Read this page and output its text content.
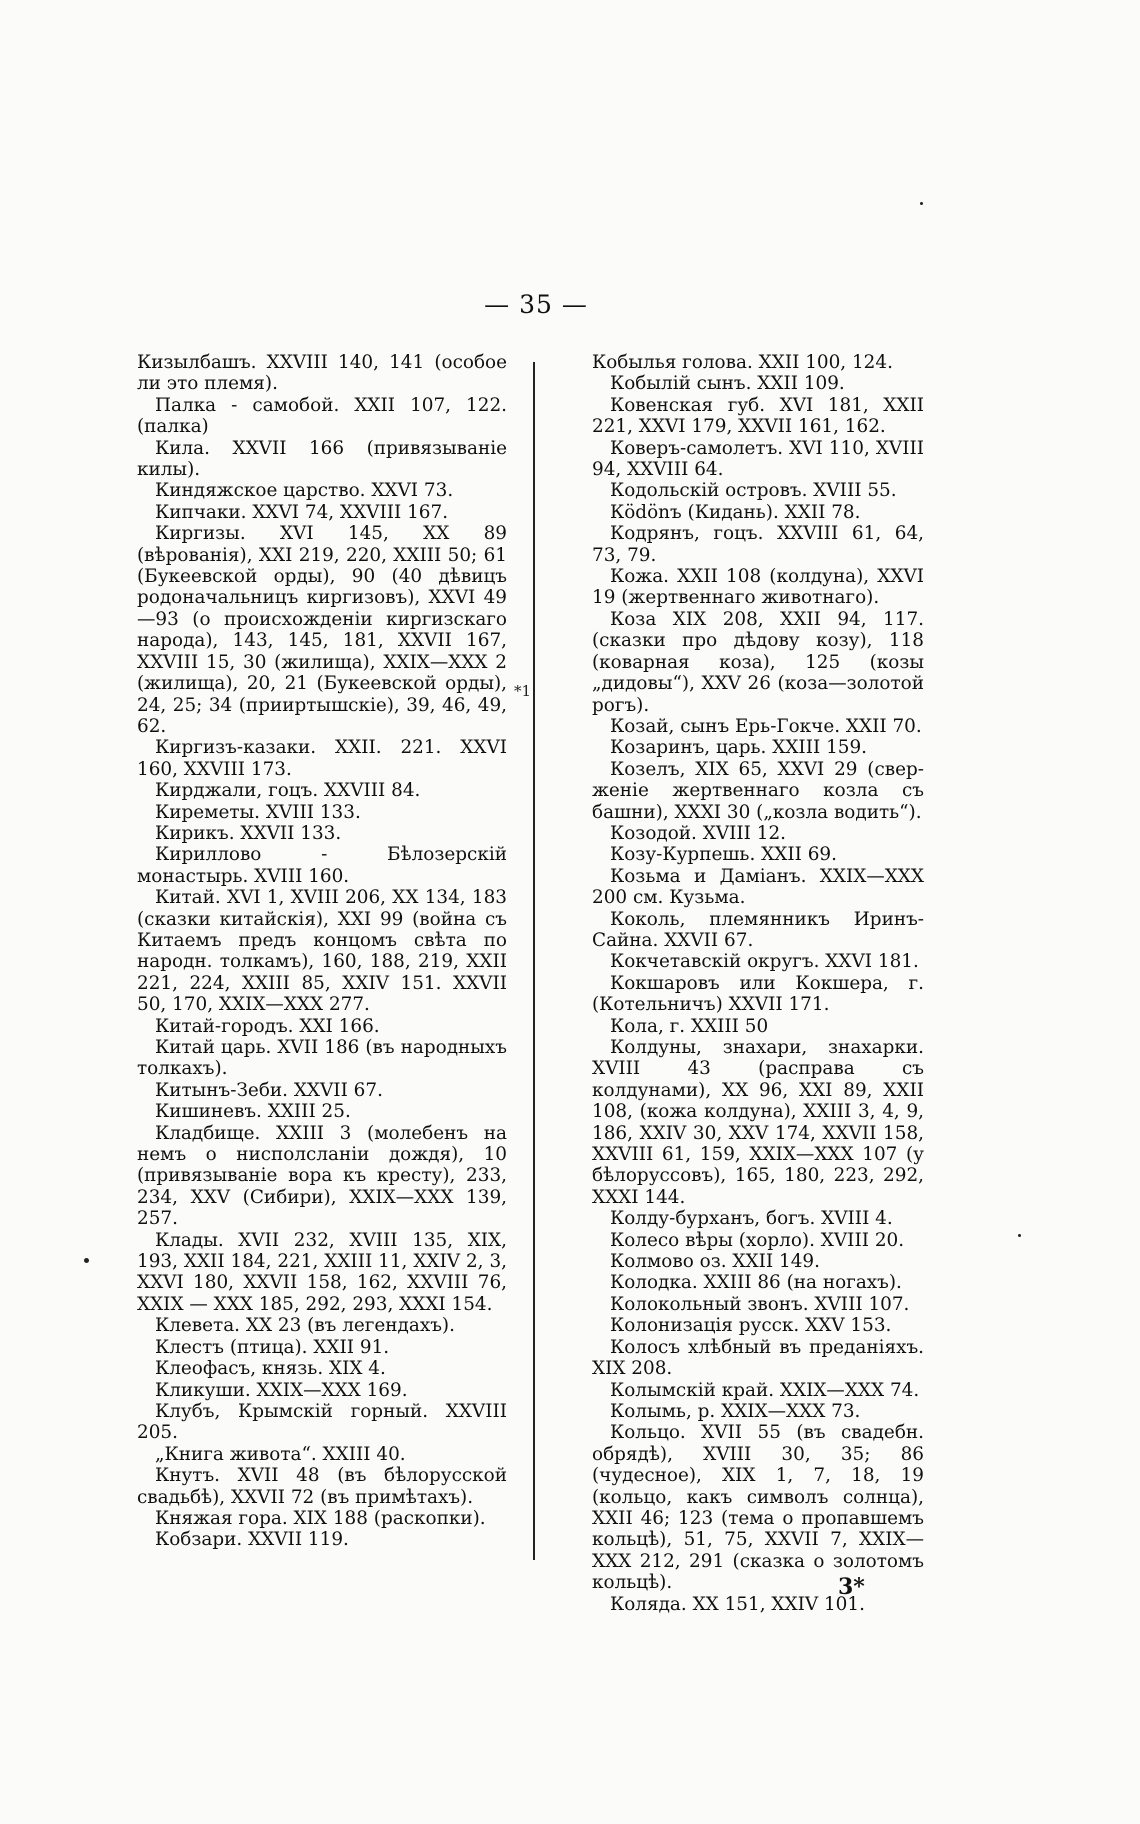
— 35 —

Кизылбашъ. XXVIII 140, 141 (особое ли это племя).

Палка - самобой. XXII 107, 122. (палка)

Кила. XXVII 166 (привязываніе килы).

Киндяжское царство. XXVI 73.

Кипчаки. XXVI 74, XXVIII 167.

Киргизы. XVI 145, XX 89 (вѣрованія), XXI 219, 220, XXIII 50; 61 (Букеевской орды), 90 (40 дѣвицъ родоначальницъ киргизовъ), XXVI 49—93 (о происхожденіи киргизскаго народа), 143, 145, 181, XXVII 167, XXVIII 15, 30 (жилища), XXIX—XXX 2 (жилища), 20, 21 (Букеевской орды), 24, 25; 34 (прииртышскіе), 39, 46, 49, 62.

Киргизъ-казаки. XXII. 221. XXVI 160, XXVIII 173.

Кирджали, гоцъ. XXVIII 84.

Киреметы. XVIII 133.

Кирикъ. XXVII 133.

Кириллово - Бѣлозерскій монастырь. XVIII 160.

Китай. XVI 1, XVIII 206, XX 134, 183 (сказки китайскія), XXI 99 (война съ Китаемъ предъ концомъ свѣта по народн. толкамъ), 160, 188, 219, XXII 221, 224, XXIII 85, XXIV 151. XXVII 50, 170, XXIX—XXX 277.

Китай-городъ. XXI 166.

Китай царь. XVII 186 (въ народныхъ толкахъ).

Китынъ-Зеби. XXVII 67.

Кишиневъ. XXIII 25.

Кладбище. XXIII 3 (молебенъ на немъ о нисполсланіи дождя), 10 (привязываніе вора къ кресту), 233, 234, XXV (Сибири), XXIX—XXX 139, 257.

Клады. XVII 232, XVIII 135, XIX, 193, XXII 184, 221, XXIII 11, XXIV 2, 3, XXVI 180, XXVII 158, 162, XXVIII 76, XXIX — XXX 185, 292, 293, XXXI 154.

Клевета. XX 23 (въ легендахъ).

Клестъ (птица). XXII 91.

Клеофасъ, князь. XIX 4.

Кликуши. XXIX—XXX 169.

Клубъ, Крымскій горный. XXVIII 205.

„Книга живота“. XXIII 40.

Кнутъ. XVII 48 (въ бѣлорусской свадьбѣ), XXVII 72 (въ примѣтахъ).

Княжая гора. XIX 188 (раскопки).

Кобзари. XXVII 119.

Кобылья голова. XXII 100, 124.

Кобылій сынъ. XXII 109.

Ковенская губ. XVI 181, XXII 221, XXVI 179, XXVII 161, 162.

Коверъ-самолетъ. XVI 110, XVIII 94, XXVIII 64.

Кодольскій островъ. XVIII 55.

Кödönъ (Кидань). XXII 78.

Кодрянъ, гоцъ. XXVIII 61, 64, 73, 79.

Кожа. XXII 108 (колдуна), XXVI 19 (жертвеннаго животнаго).

Коза XIX 208, XXII 94, 117. (сказки про дѣдову козу), 118 (коварная коза), 125 (козы „дидовы“), XXV 26 (коза—золотой рогъ).

Козай, сынъ Ерь-Гокче. XXII 70.

Козаринъ, царь. XXIII 159.

Козелъ, XIX 65, XXVI 29 (свер-женіе жертвеннаго козла съ башни), XXXI 30 („козла водить“).

Козодой. XVIII 12.

Козу-Курпешь. XXII 69.

Козьма и Даміанъ. XXIX—XXX 200 см. Кузьма.

Коколь, племянникъ Иринъ-Сайна. XXVII 67.

Кокчетавскій округъ. XXVI 181.

Кокшаровъ или Кокшера, г. (Котельничъ) XXVII 171.

Кола, г. XXIII 50

Колдуны, знахари, знахарки. XVIII 43 (расправа съ колдунами), XX 96, XXI 89, XXII 108, (кожа колдуна), XXIII 3, 4, 9, 186, XXIV 30, XXV 174, XXVII 158, XXVIII 61, 159, XXIX—XXX 107 (у бѣлоруссовъ), 165, 180, 223, 292, XXXI 144.

Колду-бурханъ, богъ. XVIII 4.

Колесо вѣры (хорло). XVIII 20.

Колмово оз. XXII 149.

Колодка. XXIII 86 (на ногахъ).

Колокольный звонъ. XVIII 107.

Колонизація русск. XXV 153.

Колосъ хлѣбный въ преданіяхъ. XIX 208.

Колымскій край. XXIX—XXX 74.

Колымь, р. XXIX—XXX 73.

Кольцо. XVII 55 (въ свадебн. обрядѣ), XVIII 30, 35; 86 (чудесное), XIX 1, 7, 18, 19 (кольцо, какъ символъ солнца), XXII 46; 123 (тема о пропавшемъ кольцѣ), 51, 75, XXVII 7, XXIX—XXX 212, 291 (сказка о золотомъ кольцѣ).

Коляда. XX 151, XXIV 101.

*1
3*
